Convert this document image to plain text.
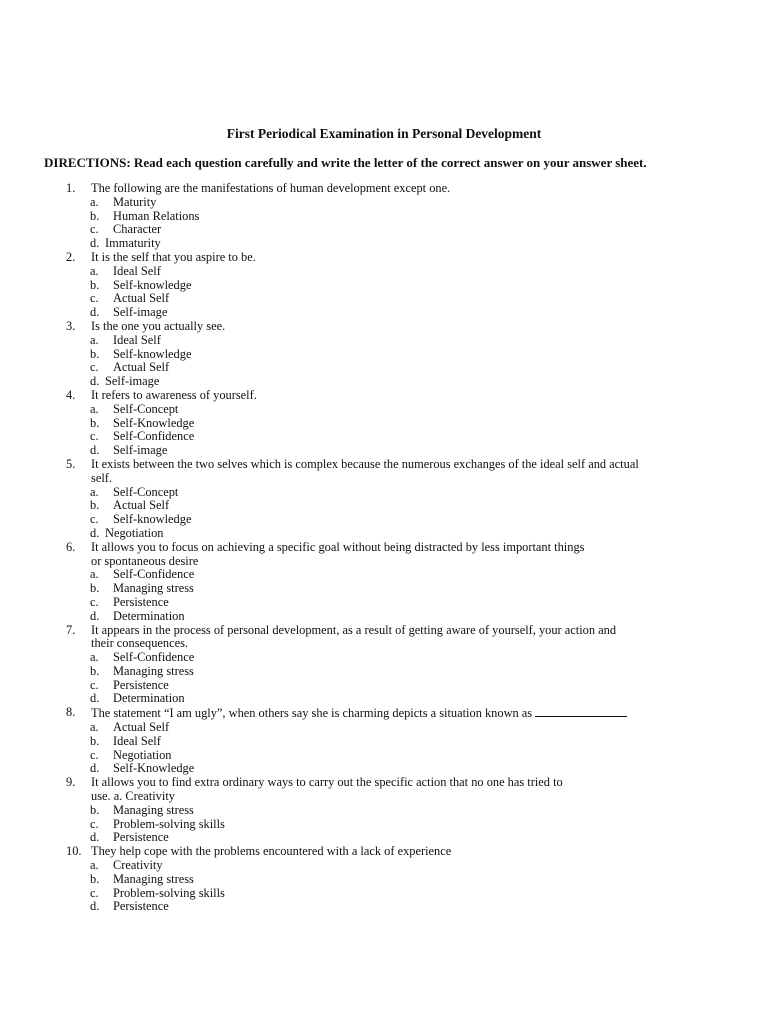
First Periodical Examination in Personal Development
DIRECTIONS: Read each question carefully and write the letter of the correct answer on your answer sheet.
1.	The following are the manifestations of human development except one.
a. Maturity
b. Human Relations
c. Character
d. Immaturity
2.	It is the self that you aspire to be.
a. Ideal Self
b. Self-knowledge
c. Actual Self
d. Self-image
3.	Is the one you actually see.
a. Ideal Self
b. Self-knowledge
c. Actual Self
d. Self-image
4.	It refers to awareness of yourself.
a. Self-Concept
b. Self-Knowledge
c. Self-Confidence
d. Self-image
5.	It exists between the two selves which is complex because the numerous exchanges of the ideal self and actual
self.
a. Self-Concept
b. Actual Self
c. Self-knowledge
d. Negotiation
6.	It allows you to focus on achieving a specific goal without being distracted by less important things
or spontaneous desire
a. Self-Confidence
b. Managing stress
c. Persistence
d. Determination
7.	It appears in the process of personal development, as a result of getting aware of yourself, your action and
their consequences.
a. Self-Confidence
b. Managing stress
c. Persistence
d. Determination
8.	The statement “I am ugly”, when others say she is charming depicts a situation known as
a. Actual Self
b. Ideal Self
c. Negotiation
d. Self-Knowledge
9.	It allows you to find extra ordinary ways to carry out the specific action that no one has tried to
use. a. Creativity
b. Managing stress
c. Problem-solving skills
d. Persistence
10. They help cope with the problems encountered with a lack of experience
a. Creativity
b. Managing stress
c. Problem-solving skills
d. Persistence
